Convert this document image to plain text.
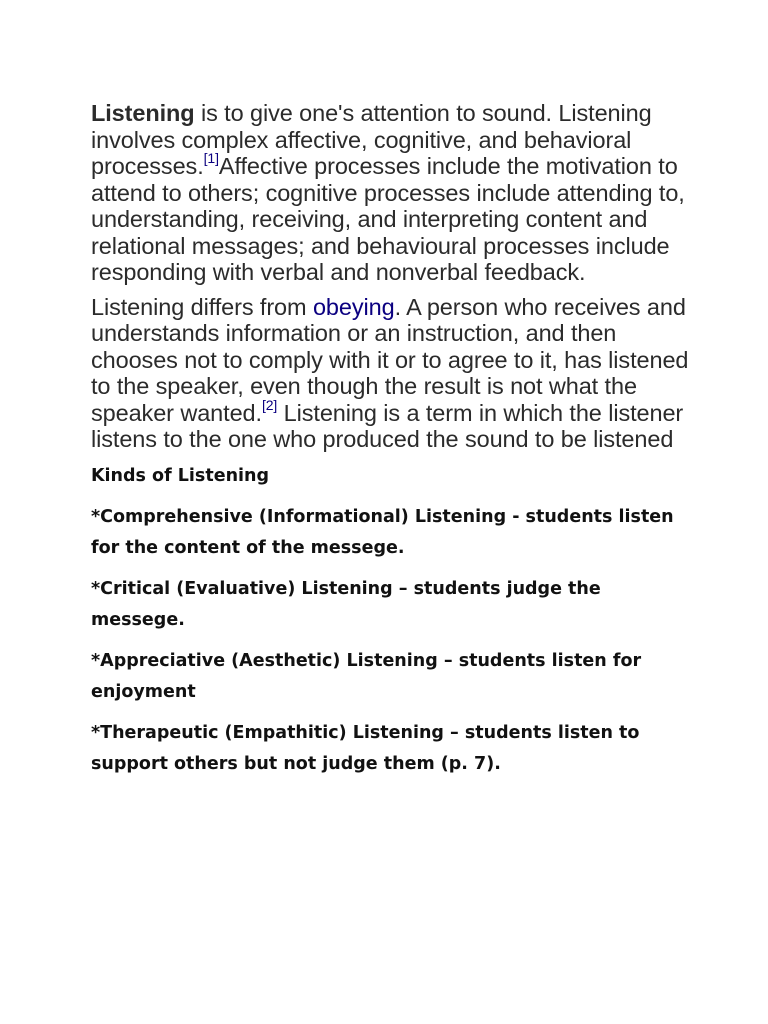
Listening is to give one's attention to sound. Listening involves complex affective, cognitive, and behavioral processes.[1]Affective processes include the motivation to attend to others; cognitive processes include attending to, understanding, receiving, and interpreting content and relational messages; and behavioural processes include responding with verbal and nonverbal feedback.

Listening differs from obeying. A person who receives and understands information or an instruction, and then chooses not to comply with it or to agree to it, has listened to the speaker, even though the result is not what the speaker wanted.[2] Listening is a term in which the listener listens to the one who produced the sound to be listened

Kinds of Listening

*Comprehensive (Informational) Listening - students listen for the content of the messege.

*Critical (Evaluative) Listening – students judge the messege.

*Appreciative (Aesthetic) Listening – students listen for enjoyment

*Therapeutic (Empathitic) Listening – students listen to support others but not judge them (p. 7).
